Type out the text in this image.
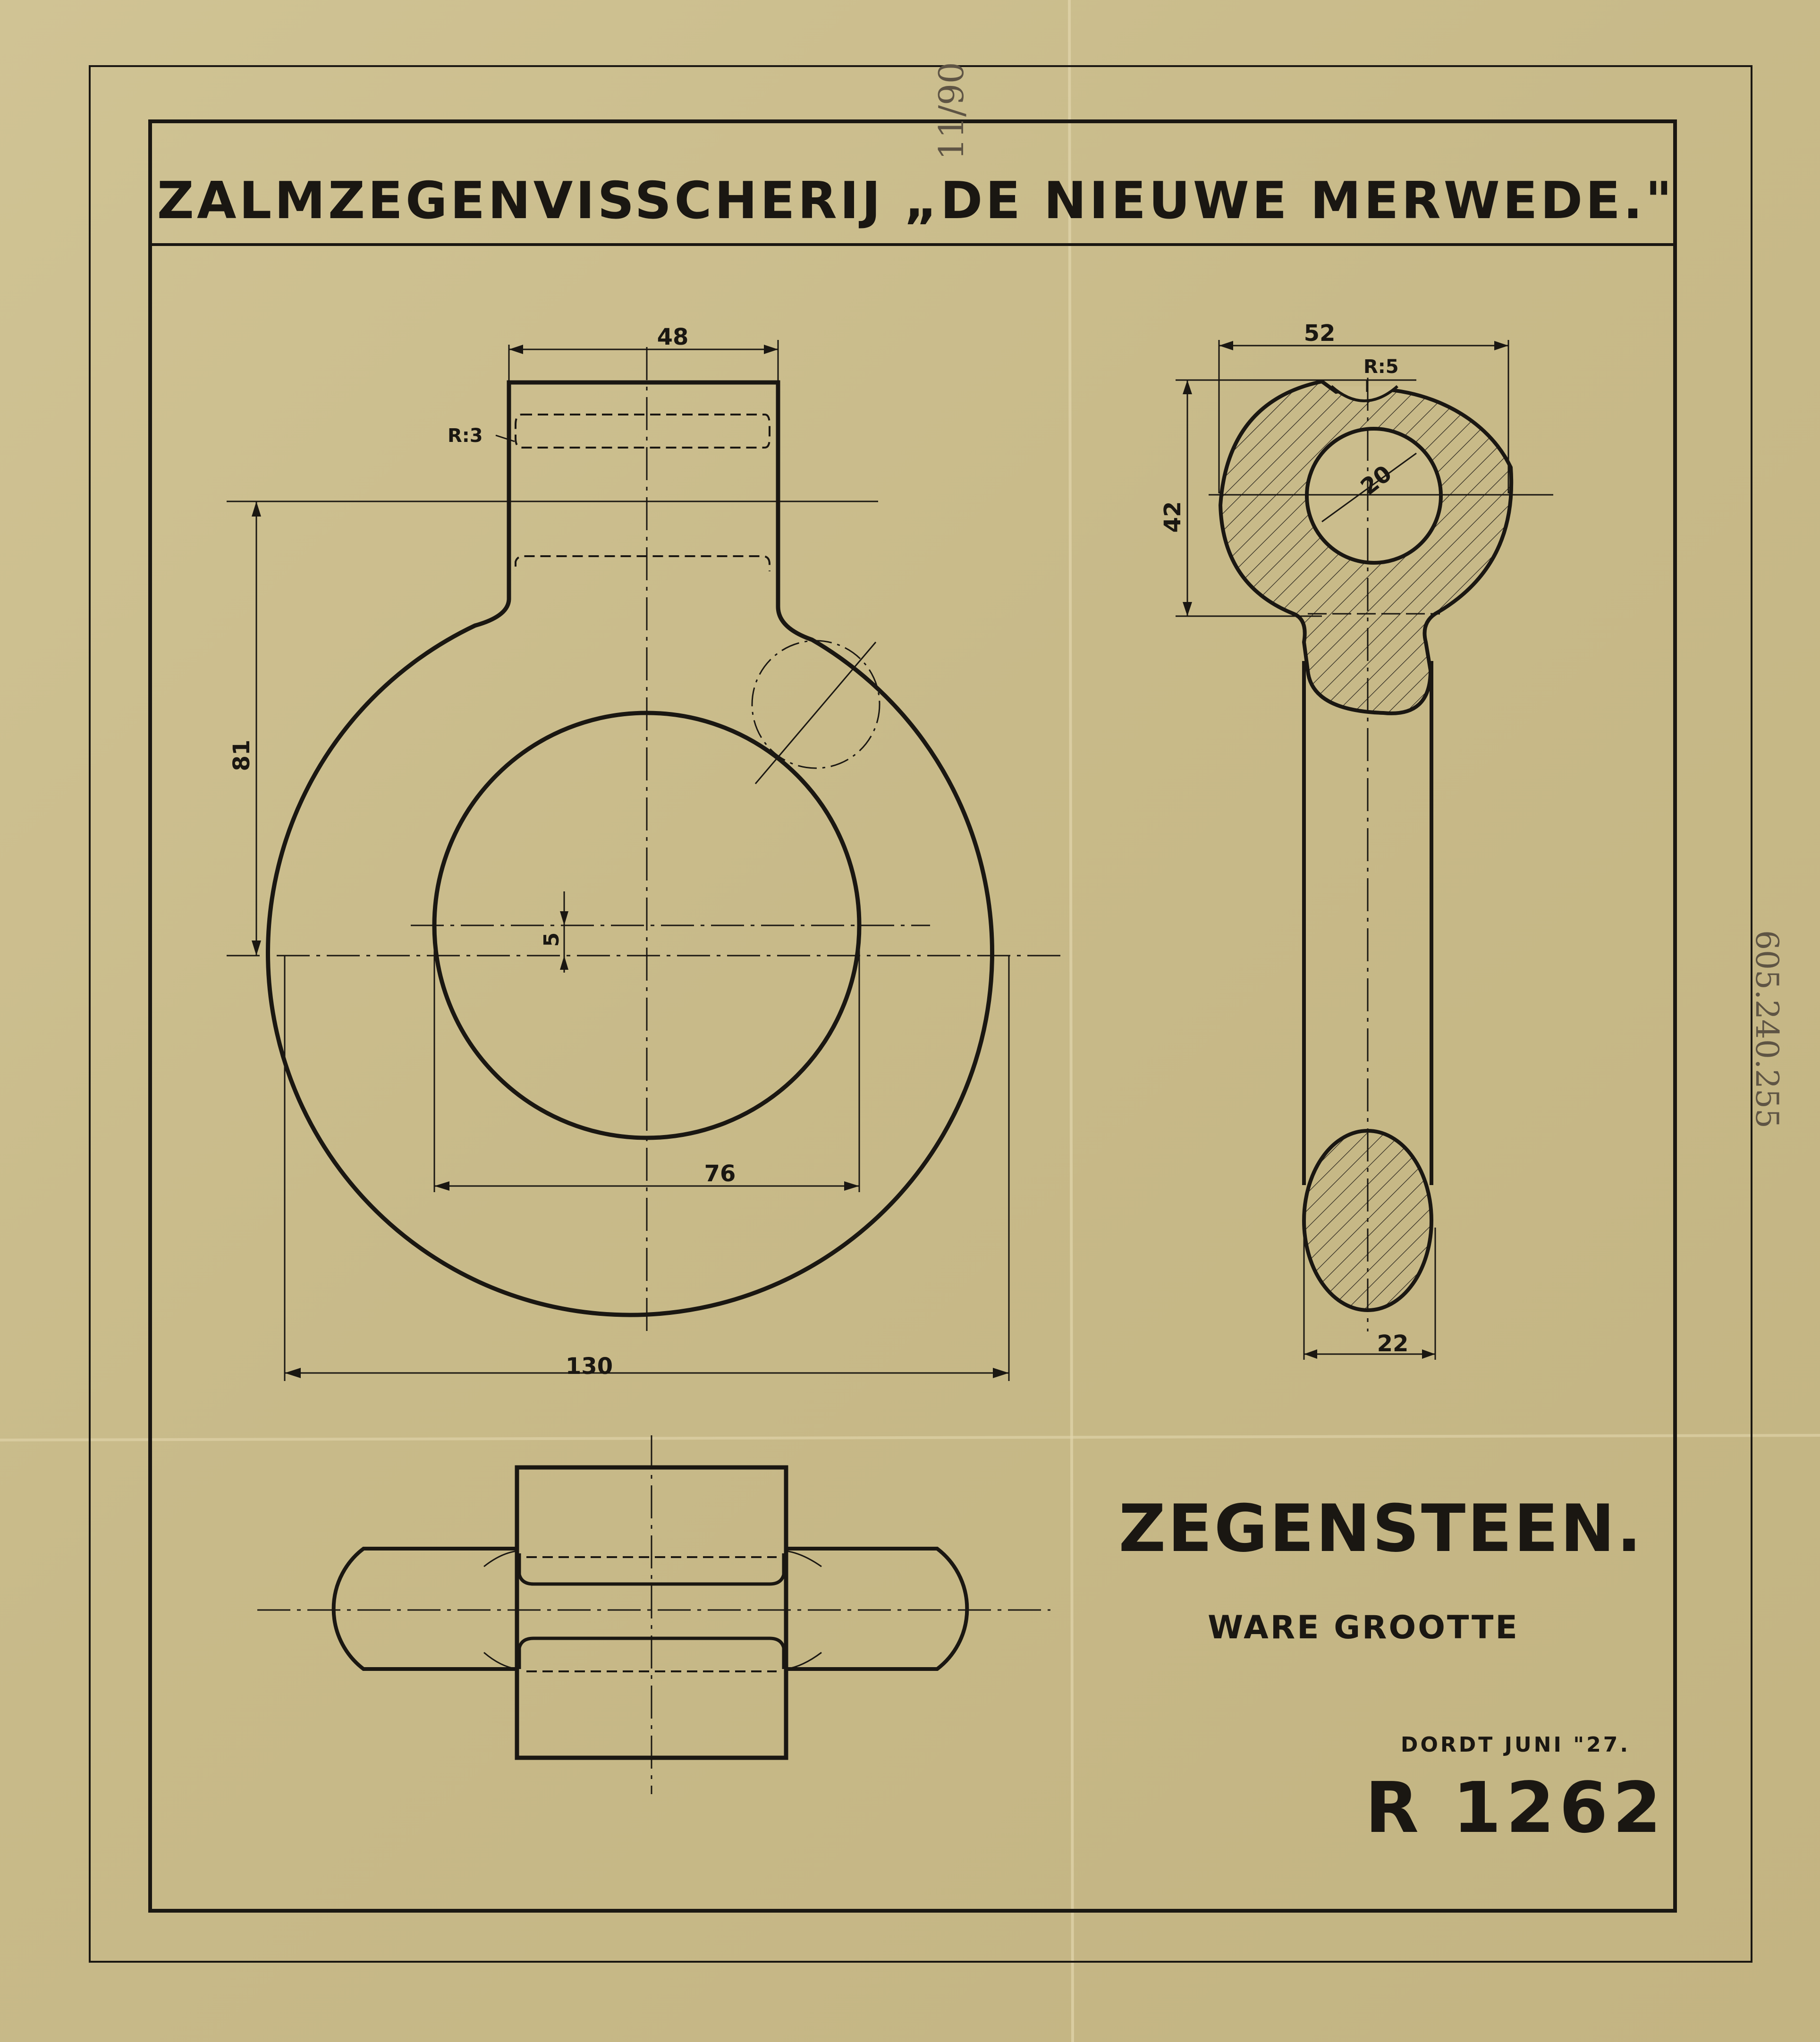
ZALMZEGENVISSCHERIJ „DE NIEUWE MERWEDE."
48
R:3
81
5
76
130
52
R:5
42
20
22
ZEGENSTEEN.
WARE GROOTTE
DORDT JUNI "27.
R 1262
11/90
605.240.255
